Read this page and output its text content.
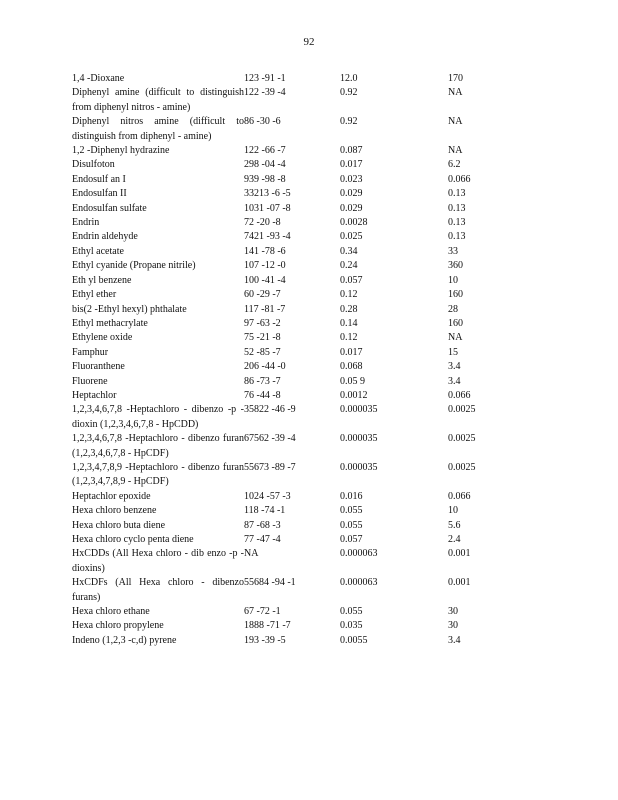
92
1,4 -Dioxane	123 -91 -1	12.0	170
Diphenyl amine (difficult to distinguish from diphenyl nitros - amine)	122 -39 -4	0.92	NA
Diphenyl nitros amine (difficult to distinguish from diphenyl - amine)	86 -30 -6	0.92	NA
1,2 -Diphenyl hydrazine	122 -66 -7	0.087	NA
Disulfoton	298 -04 -4	0.017	6.2
Endosulf an I	939 -98 -8	0.023	0.066
Endosulfan II	33213 -6 -5	0.029	0.13
Endosulfan sulfate	1031 -07 -8	0.029	0.13
Endrin	72 -20 -8	0.0028	0.13
Endrin aldehyde	7421 -93 -4	0.025	0.13
Ethyl acetate	141 -78 -6	0.34	33
Ethyl cyanide (Propane nitrile)	107 -12 -0	0.24	360
Eth yl benzene	100 -41 -4	0.057	10
Ethyl ether	60 -29 -7	0.12	160
bis(2 -Ethyl hexyl) phthalate	117 -81 -7	0.28	28
Ethyl methacrylate	97 -63 -2	0.14	160
Ethylene oxide	75 -21 -8	0.12	NA
Famphur	52 -85 -7	0.017	15
Fluoranthene	206 -44 -0	0.068	3.4
Fluorene	86 -73 -7	0.05 9	3.4
Heptachlor	76 -44 -8	0.0012	0.066
1,2,3,4,6,7,8 -Heptachloro - dibenzo -p -dioxin (1,2,3,4,6,7,8 - HpCDD)	35822 -46 -9	0.000035	0.0025
1,2,3,4,6,7,8 -Heptachloro - dibenzo furan (1,2,3,4,6,7,8 - HpCDF)	67562 -39 -4	0.000035	0.0025
1,2,3,4,7,8,9 -Heptachloro - dibenzo furan (1,2,3,4,7,8,9 - HpCDF)	55673 -89 -7	0.000035	0.0025
Heptachlor epoxide	1024 -57 -3	0.016	0.066
Hexa chloro benzene	118 -74 -1	0.055	10
Hexa chloro buta diene	87 -68 -3	0.055	5.6
Hexa chloro cyclo penta diene	77 -47 -4	0.057	2.4
HxCDDs (All Hexa chloro - dib enzo -p -dioxins)	NA	0.000063	0.001
HxCDFs (All Hexa chloro - dibenzo furans)	55684 -94 -1	0.000063	0.001
Hexa chloro ethane	67 -72 -1	0.055	30
Hexa chloro propylene	1888 -71 -7	0.035	30
Indeno (1,2,3 -c,d) pyrene	193 -39 -5	0.0055	3.4
